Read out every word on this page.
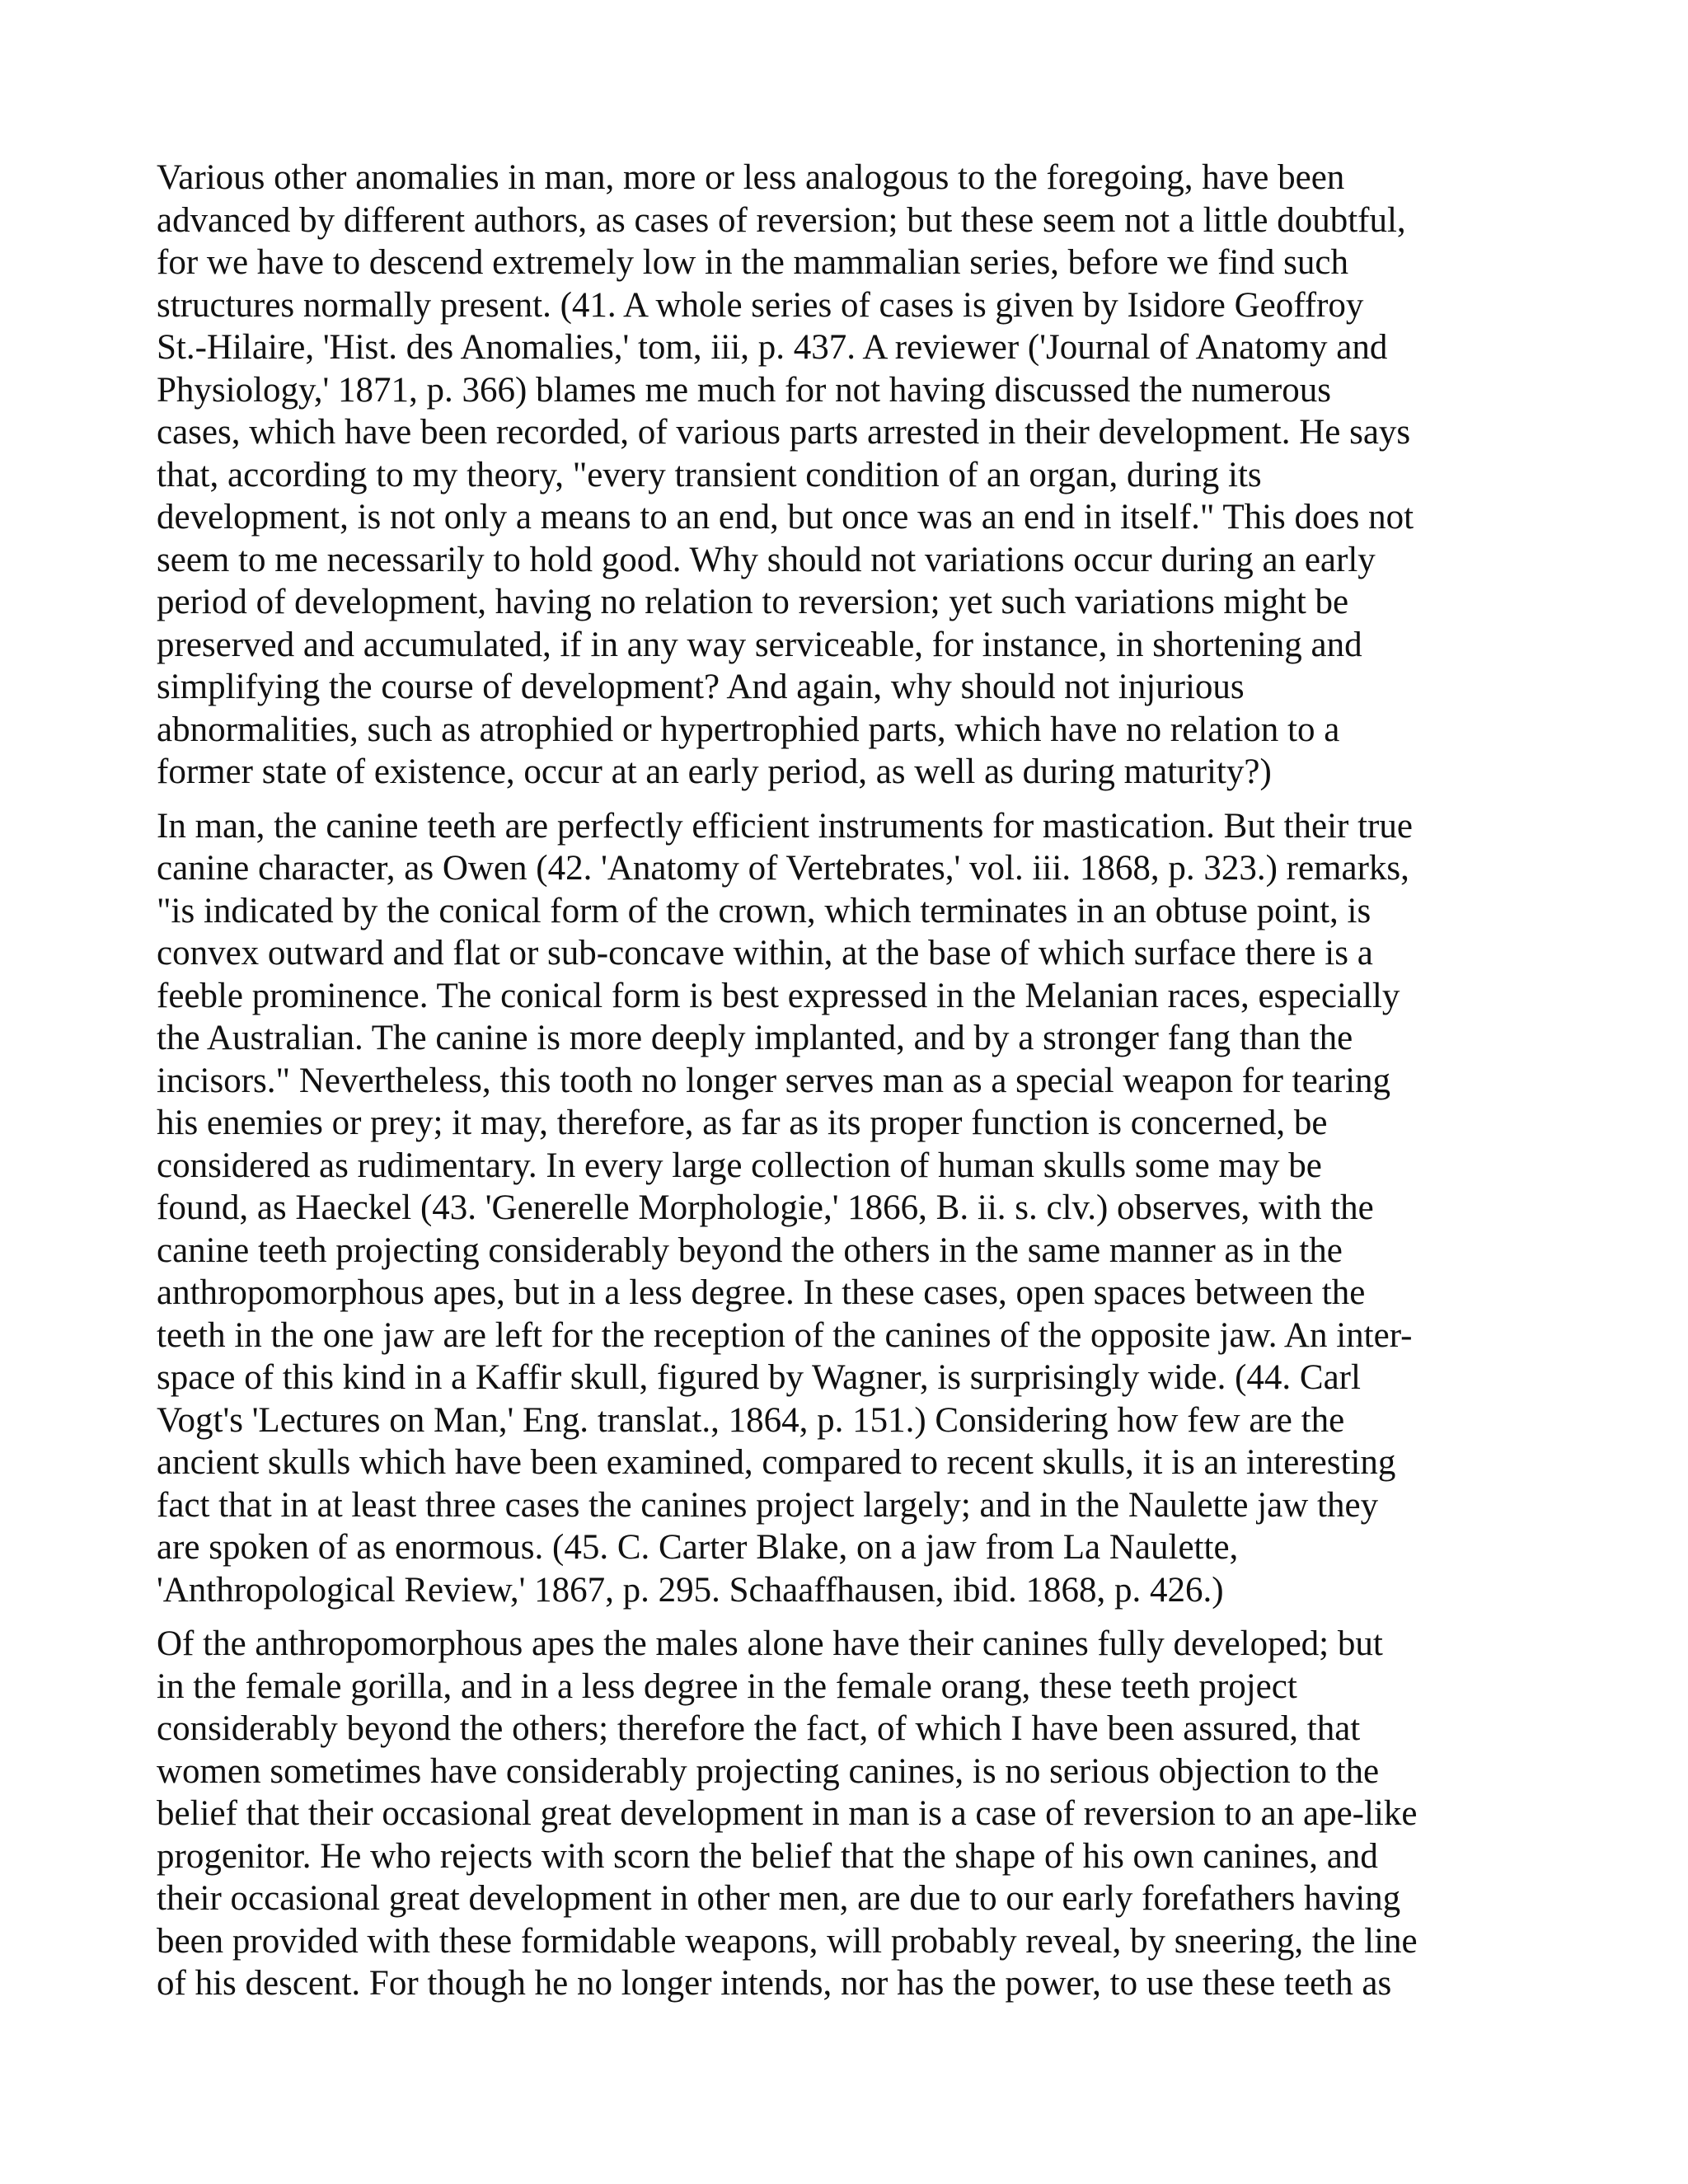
Various other anomalies in man, more or less analogous to the foregoing, have been
advanced by different authors, as cases of reversion; but these seem not a little doubtful,
for we have to descend extremely low in the mammalian series, before we find such
structures normally present. (41. A whole series of cases is given by Isidore Geoffroy
St.-Hilaire, 'Hist. des Anomalies,' tom, iii, p. 437. A reviewer ('Journal of Anatomy and
Physiology,' 1871, p. 366) blames me much for not having discussed the numerous
cases, which have been recorded, of various parts arrested in their development. He says
that, according to my theory, "every transient condition of an organ, during its
development, is not only a means to an end, but once was an end in itself." This does not
seem to me necessarily to hold good. Why should not variations occur during an early
period of development, having no relation to reversion; yet such variations might be
preserved and accumulated, if in any way serviceable, for instance, in shortening and
simplifying the course of development? And again, why should not injurious
abnormalities, such as atrophied or hypertrophied parts, which have no relation to a
former state of existence, occur at an early period, as well as during maturity?)

In man, the canine teeth are perfectly efficient instruments for mastication. But their true
canine character, as Owen (42. 'Anatomy of Vertebrates,' vol. iii. 1868, p. 323.) remarks,
"is indicated by the conical form of the crown, which terminates in an obtuse point, is
convex outward and flat or sub-concave within, at the base of which surface there is a
feeble prominence. The conical form is best expressed in the Melanian races, especially
the Australian. The canine is more deeply implanted, and by a stronger fang than the
incisors." Nevertheless, this tooth no longer serves man as a special weapon for tearing
his enemies or prey; it may, therefore, as far as its proper function is concerned, be
considered as rudimentary. In every large collection of human skulls some may be
found, as Haeckel (43. 'Generelle Morphologie,' 1866, B. ii. s. clv.) observes, with the
canine teeth projecting considerably beyond the others in the same manner as in the
anthropomorphous apes, but in a less degree. In these cases, open spaces between the
teeth in the one jaw are left for the reception of the canines of the opposite jaw. An inter-
space of this kind in a Kaffir skull, figured by Wagner, is surprisingly wide. (44. Carl
Vogt's 'Lectures on Man,' Eng. translat., 1864, p. 151.) Considering how few are the
ancient skulls which have been examined, compared to recent skulls, it is an interesting
fact that in at least three cases the canines project largely; and in the Naulette jaw they
are spoken of as enormous. (45. C. Carter Blake, on a jaw from La Naulette,
'Anthropological Review,' 1867, p. 295. Schaaffhausen, ibid. 1868, p. 426.)

Of the anthropomorphous apes the males alone have their canines fully developed; but
in the female gorilla, and in a less degree in the female orang, these teeth project
considerably beyond the others; therefore the fact, of which I have been assured, that
women sometimes have considerably projecting canines, is no serious objection to the
belief that their occasional great development in man is a case of reversion to an ape-like
progenitor. He who rejects with scorn the belief that the shape of his own canines, and
their occasional great development in other men, are due to our early forefathers having
been provided with these formidable weapons, will probably reveal, by sneering, the line
of his descent. For though he no longer intends, nor has the power, to use these teeth as
